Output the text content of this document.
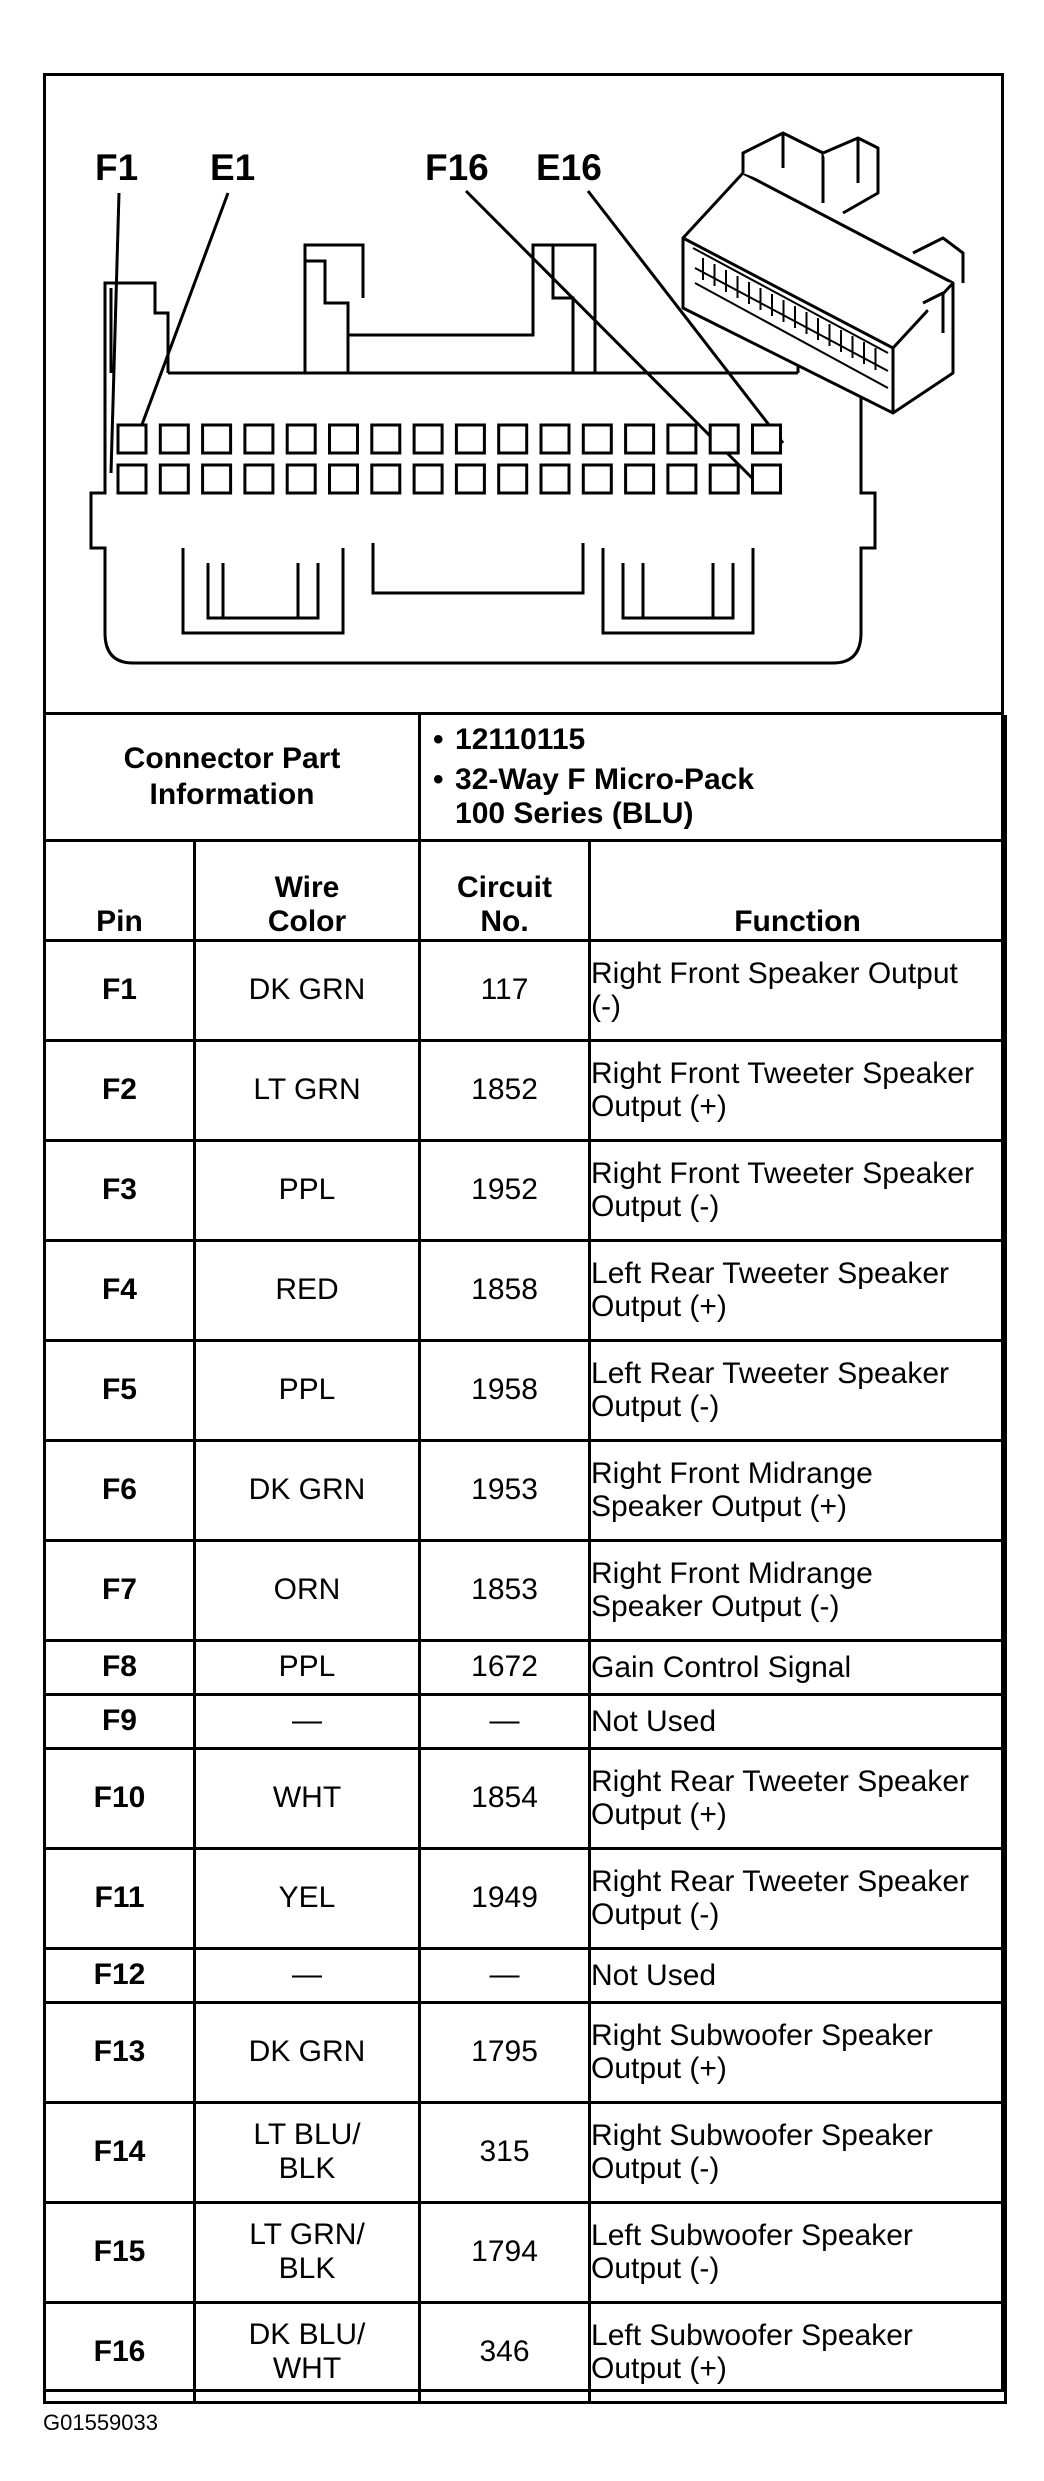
F1 E1	F16 E16
Connector Part Information		• 12110115
• 32-Way F Micro-Pack 100 Series (BLU)	

Pin	Wire Color	Circuit No.	Function
F1	DK GRN	117	Right Front Speaker Output (-)
F2	LT GRN	1852	Right Front Tweeter Speaker Output (+)
F3	PPL	1952	Right Front Tweeter Speaker Output (-)
F4	RED	1858	Left Rear Tweeter Speaker Output (+)
F5	PPL	1958	Left Rear Tweeter Speaker Output (-)
F6	DK GRN	1953	Right Front Midrange Speaker Output (+)
F7	ORN	1853	Right Front Midrange Speaker Output (-)
F8	PPL	1672	Gain Control Signal
F9	—	—	Not Used
F10	WHT	1854	Right Rear Tweeter Speaker Output (+)
F11	YEL	1949	Right Rear Tweeter Speaker Output (-)
F12	—	—	Not Used
F13	DK GRN	1795	Right Subwoofer Speaker Output (+)
F14	LT BLU/ BLK	315	Right Subwoofer Speaker Output (-)
F15	LT GRN/ BLK	1794	Left Subwoofer Speaker Output (-)
F16	DK BLU/ WHT	346	Left Subwoofer Speaker Output (+)
G01559033
